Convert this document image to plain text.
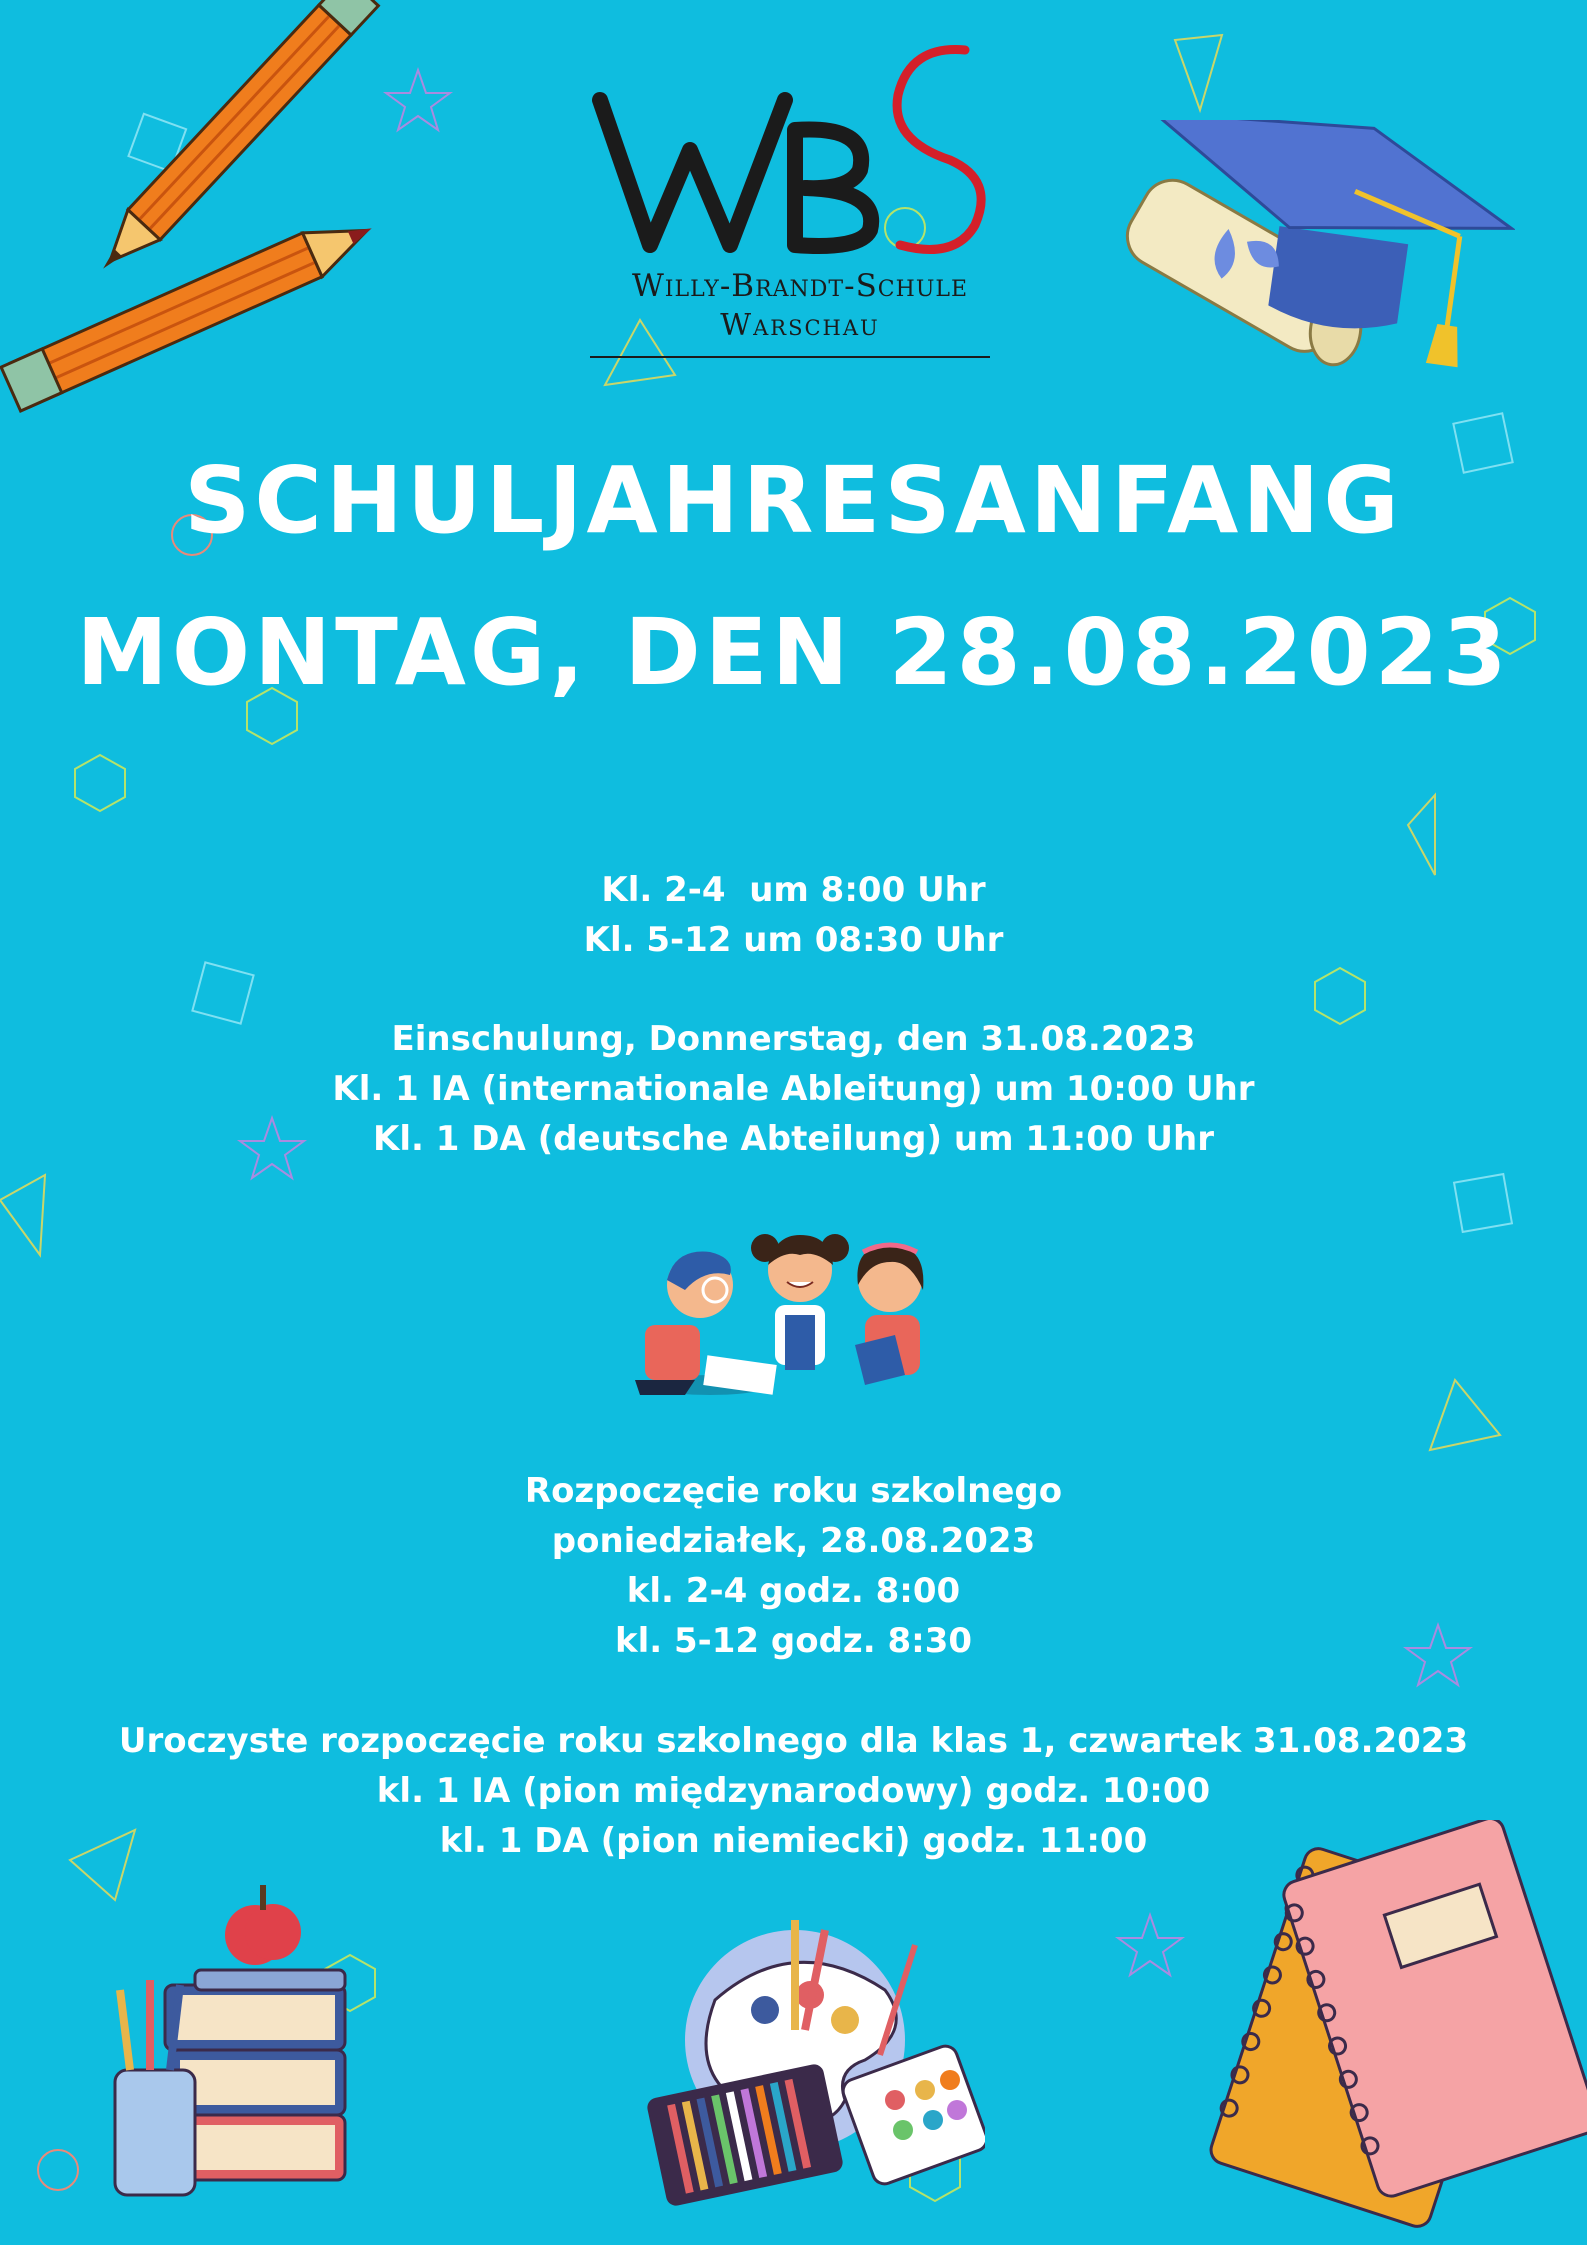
Willy-Brandt-Schule
Warschau
SCHULJAHRESANFANG
MONTAG, DEN 28.08.2023
Kl. 2-4  um 8:00 Uhr
Kl. 5-12 um 08:30 Uhr
Einschulung, Donnerstag, den 31.08.2023
Kl. 1 IA (internationale Ableitung) um 10:00 Uhr
Kl. 1 DA (deutsche Abteilung) um 11:00 Uhr
Rozpoczęcie roku szkolnego
poniedziałek, 28.08.2023
kl. 2-4 godz. 8:00
kl. 5-12 godz. 8:30
Uroczyste rozpoczęcie roku szkolnego dla klas 1, czwartek 31.08.2023
kl. 1 IA (pion międzynarodowy) godz. 10:00
kl. 1 DA (pion niemiecki) godz. 11:00
